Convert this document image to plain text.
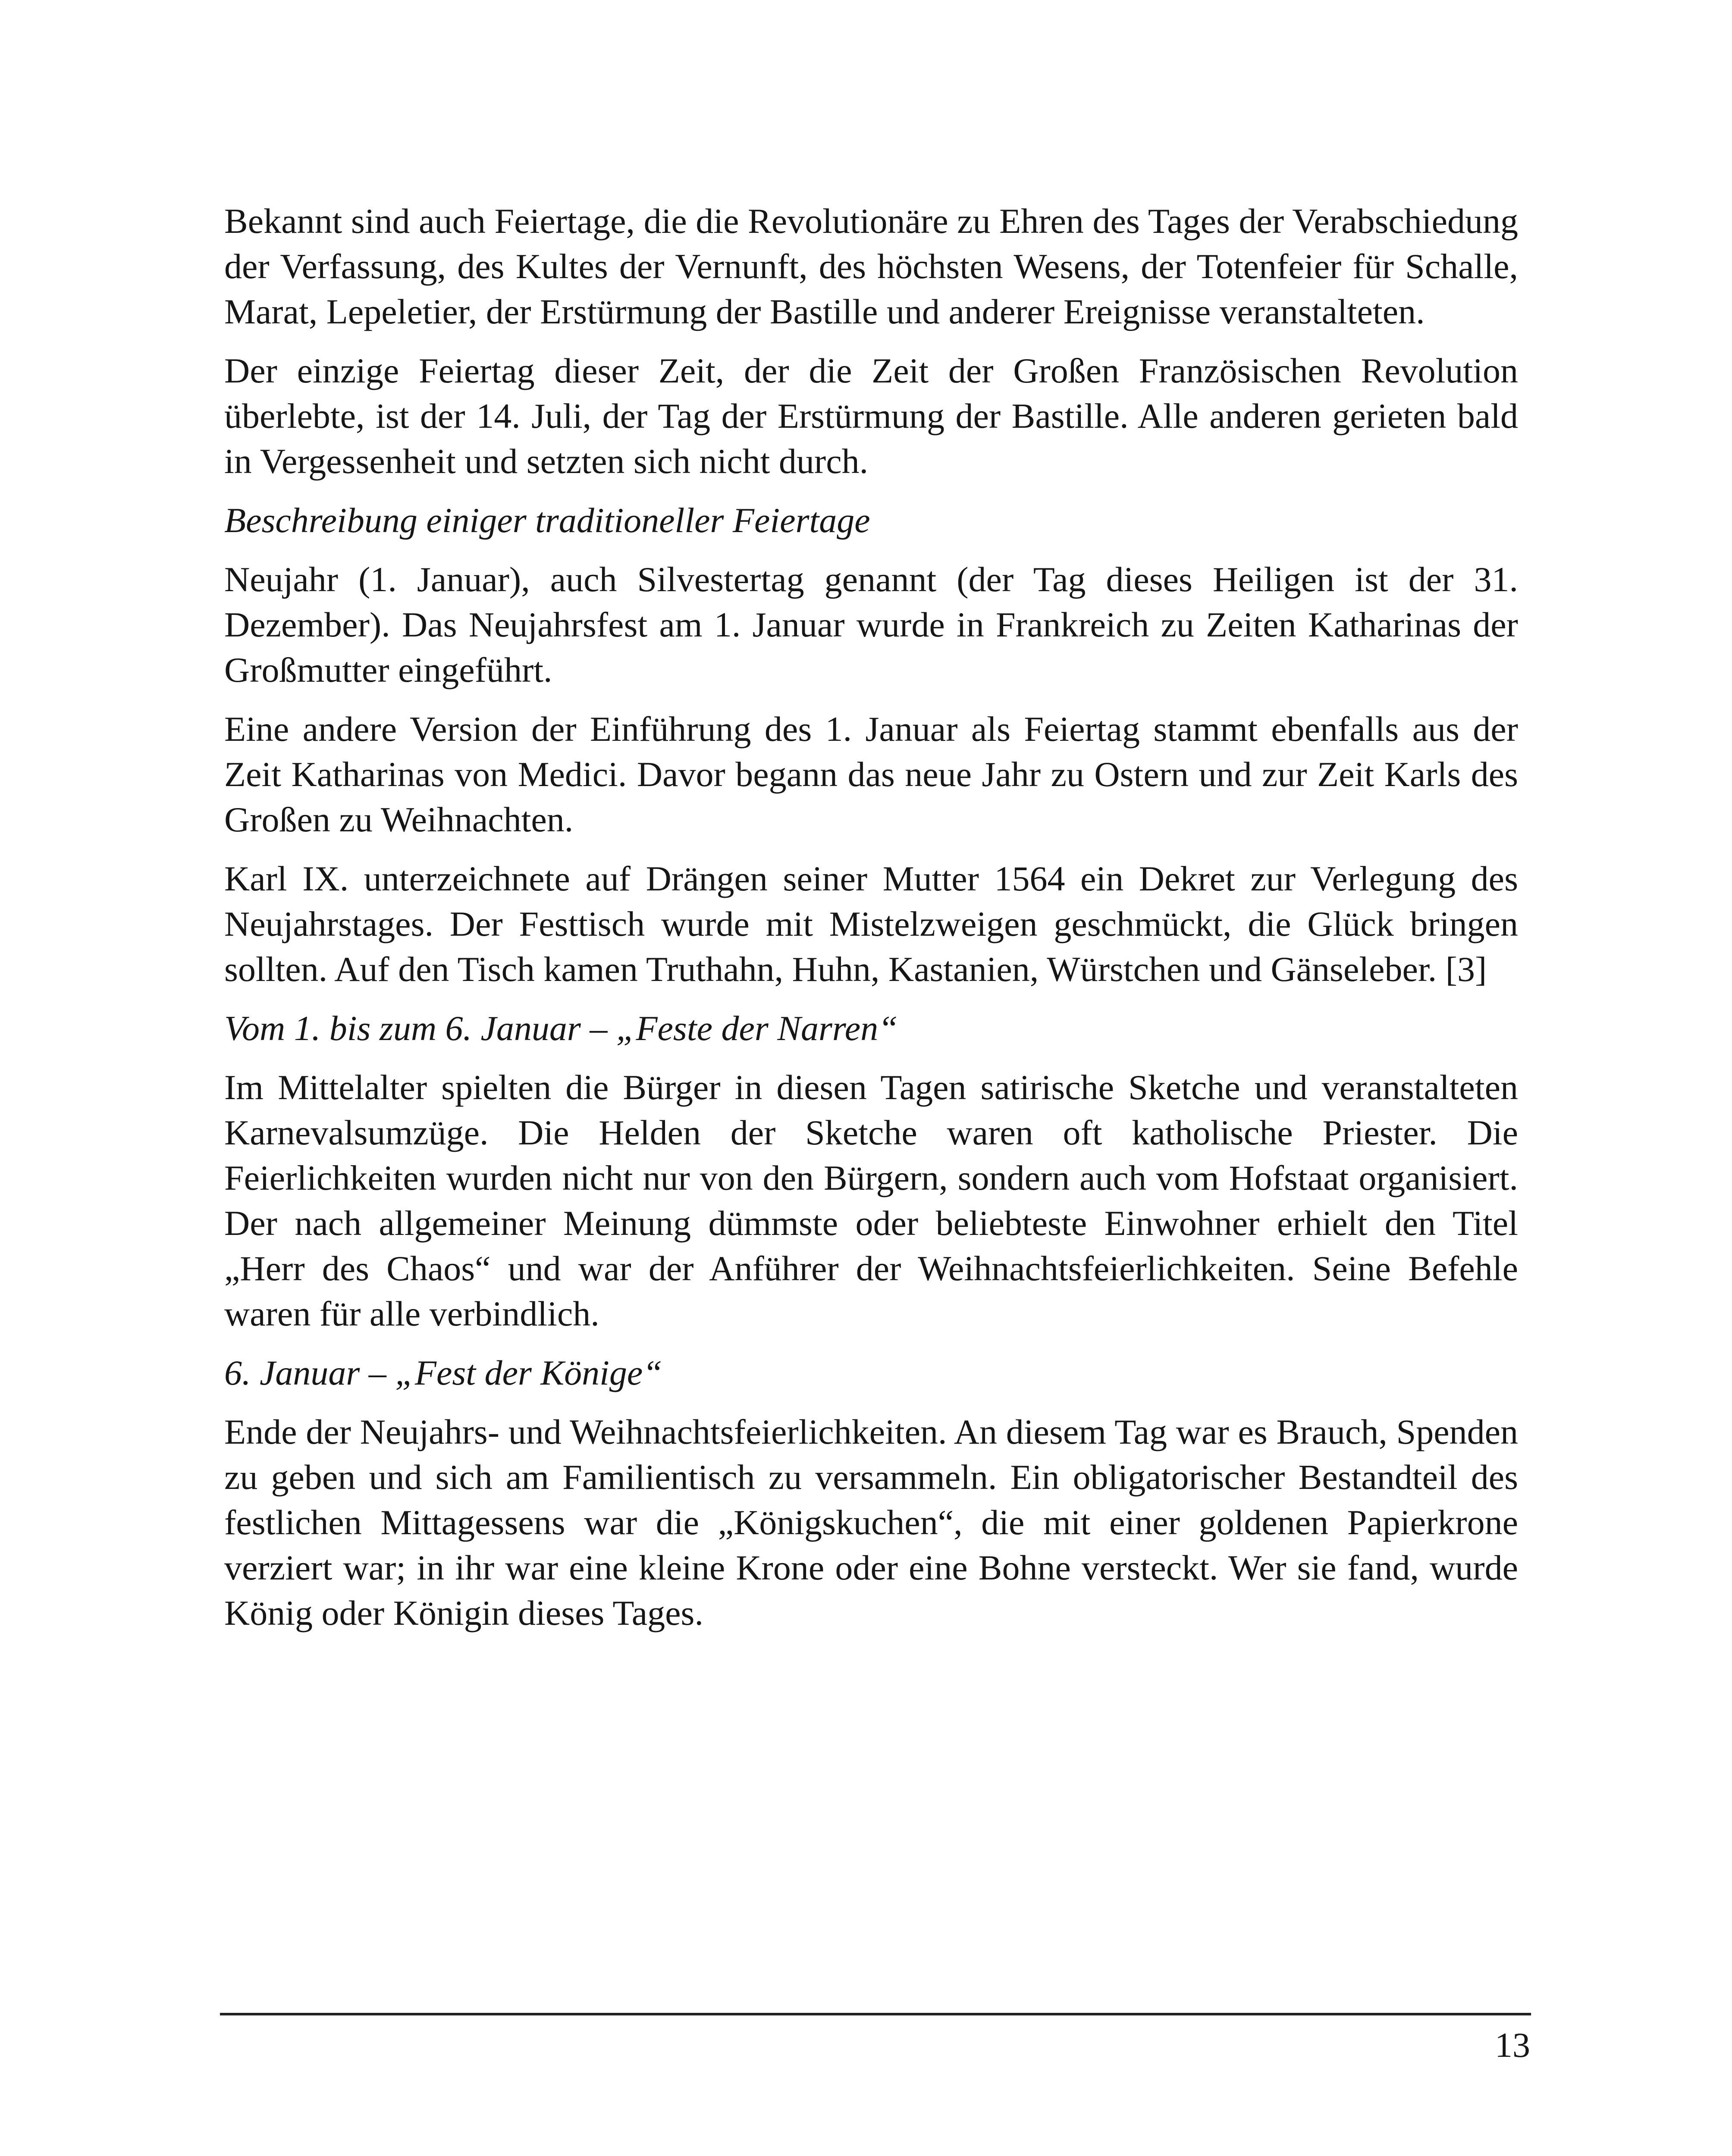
Bekannt sind auch Feiertage, die die Revolutionäre zu Ehren des Tages der Verabschiedung der Verfassung, des Kultes der Vernunft, des höchsten Wesens, der Totenfeier für Schalle, Marat, Lepeletier, der Erstürmung der Bastille und anderer Ereignisse veranstalteten.

Der einzige Feiertag dieser Zeit, der die Zeit der Großen Französischen Revolution überlebte, ist der 14. Juli, der Tag der Erstürmung der Bastille. Alle anderen gerieten bald in Vergessenheit und setzten sich nicht durch.

Beschreibung einiger traditioneller Feiertage

Neujahr (1. Januar), auch Silvestertag genannt (der Tag dieses Heiligen ist der 31. Dezember). Das Neujahrsfest am 1. Januar wurde in Frankreich zu Zeiten Katharinas der Großmutter eingeführt.

Eine andere Version der Einführung des 1. Januar als Feiertag stammt ebenfalls aus der Zeit Katharinas von Medici. Davor begann das neue Jahr zu Ostern und zur Zeit Karls des Großen zu Weihnachten.

Karl IX. unterzeichnete auf Drängen seiner Mutter 1564 ein Dekret zur Verlegung des Neujahrstages. Der Festtisch wurde mit Mistelzweigen geschmückt, die Glück bringen sollten. Auf den Tisch kamen Truthahn, Huhn, Kastanien, Würstchen und Gänseleber. [3]

Vom 1. bis zum 6. Januar – „Feste der Narren“

Im Mittelalter spielten die Bürger in diesen Tagen satirische Sketche und veranstalteten Karnevalsumzüge. Die Helden der Sketche waren oft katholische Priester. Die Feierlichkeiten wurden nicht nur von den Bürgern, sondern auch vom Hofstaat organisiert. Der nach allgemeiner Meinung dümmste oder beliebteste Einwohner erhielt den Titel „Herr des Chaos“ und war der Anführer der Weihnachtsfeierlichkeiten. Seine Befehle waren für alle verbindlich.

6. Januar – „Fest der Könige“

Ende der Neujahrs- und Weihnachtsfeierlichkeiten. An diesem Tag war es Brauch, Spenden zu geben und sich am Familientisch zu versammeln. Ein obligatorischer Bestandteil des festlichen Mittagessens war die „Königskuchen“, die mit einer goldenen Papierkrone verziert war; in ihr war eine kleine Krone oder eine Bohne versteckt. Wer sie fand, wurde König oder Königin dieses Tages.

13
